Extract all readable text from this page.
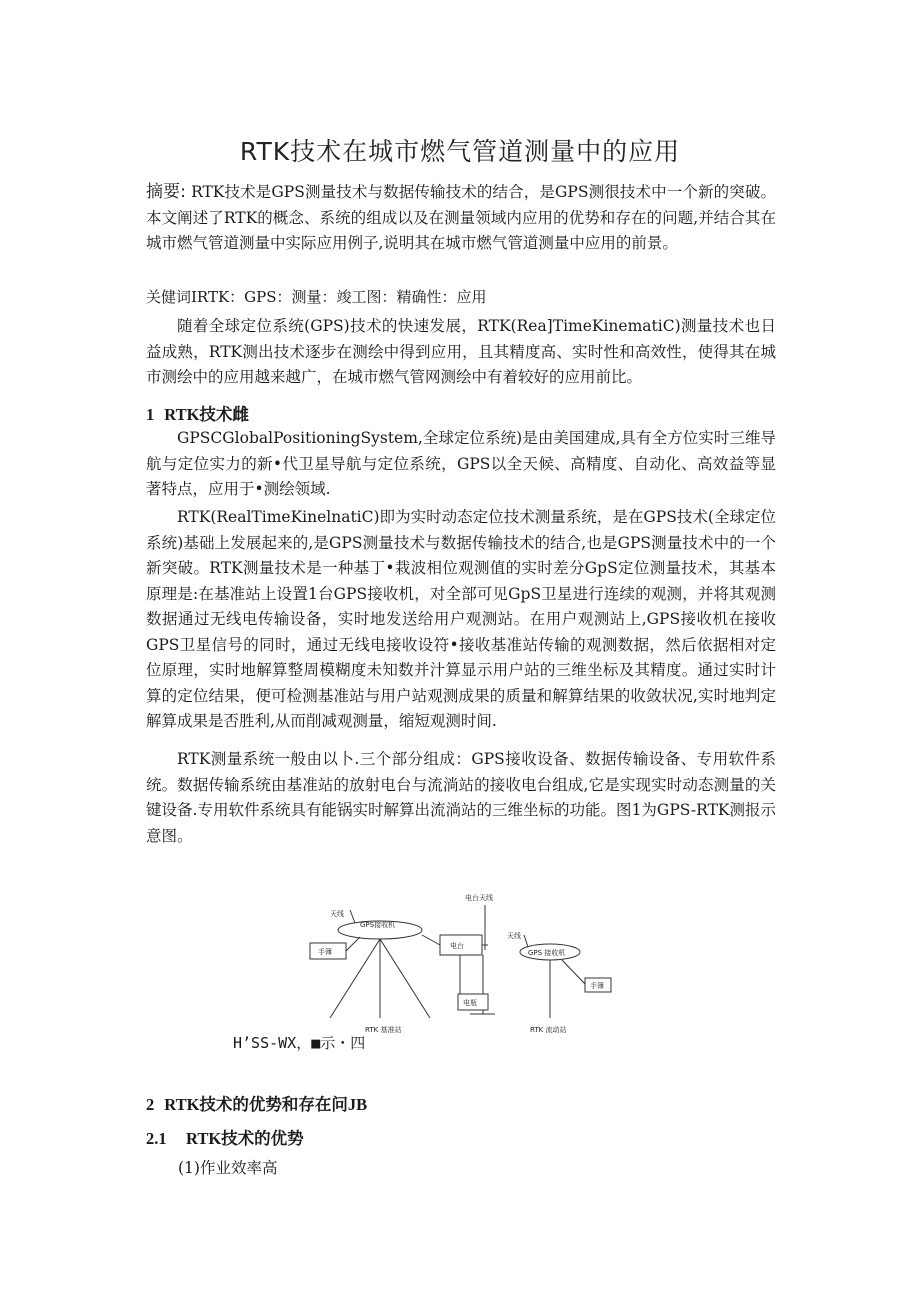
RTK技术在城市燃气管道测量中的应用

摘要: RTK技术是GPS测量技术与数据传输技术的结合，是GPS测很技术中一个新的突破。本文阐述了RTK的概念、系统的组成以及在测量领域内应用的优势和存在的问题,并结合其在城市燃气管道测量中实际应用例子,说明其在城市燃气管道测量中应用的前景。

关健词IRTK：GPS：测量：竣工图：精确性：应用

随着全球定位系统(GPS)技术的快速发展，RTK(Rea]TimeKinematiC)测量技术也日益成熟，RTK测出技术逐步在测绘中得到应用，且其精度高、实时性和高效性，使得其在城市测绘中的应用越来越广，在城市燃气管网测绘中有着较好的应用前比。

1 RTK技术雌

GPSCGlobalPositioningSystem,全球定位系统)是由美国建成,具有全方位实时三维导航与定位实力的新•代卫星导航与定位系统，GPS以全天候、高精度、自动化、高效益等显著特点，应用于•测绘领域.

RTK(RealTimeKinelnatiC)即为实时动态定位技术测量系统，是在GPS技术(全球定位系统)基础上发展起来的,是GPS测量技术与数据传输技术的结合,也是GPS测量技术中的一个新突破。RTK测量技术是一种基丁•栽波相位观测值的实时差分GpS定位测量技术，其基本原理是:在基准站上设置1台GPS接收机，对全部可见GpS卫星进行连续的观测，并将其观测数据通过无线电传输设备，实时地发送给用户观测站。在用户观测站上,GPS接收机在接收GPS卫星信号的同时，通过无线电接收设符•接收基准站传输的观测数据，然后依据相对定位原理，实时地解算整周模糊度未知数并汁算显示用户站的三维坐标及其精度。通过实时计算的定位结果，便可检测基准站与用户站观测成果的质量和解算结果的收敛状况,实时地判定解算成果是否胜利,从而削减观测量，缩短观测时间.

RTK测量系统一般由以卜.三个部分组成：GPS接收设备、数据传输设备、专用软件系统。数据传输系统由基准站的放射电台与流淌站的接收电台组成,它是实现实时动态测量的关键设备.专用软件系统具有能锅实时解算出流淌站的三维坐标的功能。图1为GPS-RTK测报示意图。

电台天线
天线
GPS接收机
手簿
电台
电瓶
RTK 基准站
天线
GPS 接收机
手簿
RTK 流动站
H’SS-WX，■示・四
2 RTK技术的优势和存在问JB
2.1 RTK技术的优势
(1)作业效率高
